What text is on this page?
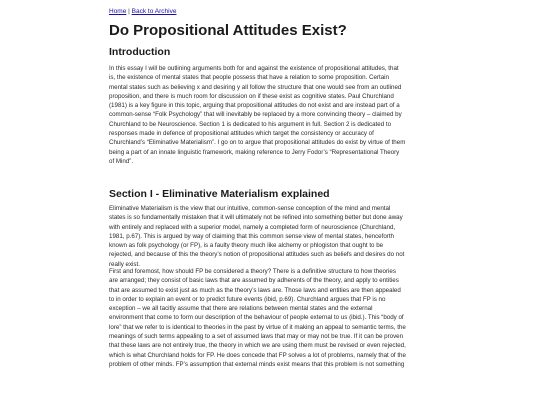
Home | Back to Archive
Do Propositional Attitudes Exist?
Introduction
In this essay I will be outlining arguments both for and against the existence of propositional attitudes, that
is, the existence of mental states that people possess that have a relation to some proposition. Certain
mental states such as believing x and desiring y all follow the structure that one would see from an outlined
proposition, and there is much room for discussion on if these exist as cognitive states. Paul Churchland
(1981) is a key figure in this topic, arguing that propositional attitudes do not exist and are instead part of a
common-sense “Folk Psychology” that will inevitably be replaced by a more convincing theory – claimed by
Churchland to be Neuroscience. Section 1 is dedicated to his argument in full. Section 2 is dedicated to
responses made in defence of propositional attitudes which target the consistency or accuracy of
Churchland’s “Eliminative Materialism”. I go on to argue that propositional attitudes do exist by virtue of them
being a part of an innate linguistic framework, making reference to Jerry Fodor’s “Representational Theory
of Mind”.
Section I - Eliminative Materialism explained
Eliminative Materialism is the view that our intuitive, common-sense conception of the mind and mental
states is so fundamentally mistaken that it will ultimately not be refined into something better but done away
with entirely and replaced with a superior model, namely a completed form of neuroscience (Churchland,
1981, p.67). This is argued by way of claiming that this common sense view of mental states, henceforth
known as folk psychology (or FP), is a faulty theory much like alchemy or phlogiston that ought to be
rejected, and because of this the theory’s notion of propositional attitudes such as beliefs and desires do not
really exist.
First and foremost, how should FP be considered a theory? There is a definitive structure to how theories
are arranged; they consist of basic laws that are assumed by adherents of the theory, and apply to entities
that are assumed to exist just as much as the theory’s laws are. Those laws and entities are then appealed
to in order to explain an event or to predict future events (ibid, p.69). Churchland argues that FP is no
exception – we all tacitly assume that there are relations between mental states and the external
environment that come to form our description of the behaviour of people external to us (ibid.). This “body of
lore” that we refer to is identical to theories in the past by virtue of it making an appeal to semantic terms, the
meanings of such terms appealing to a set of assumed laws that may or may not be true. If it can be proven
that these laws are not entirely true, the theory in which we are using them must be revised or even rejected,
which is what Churchland holds for FP. He does concede that FP solves a lot of problems, namely that of the
problem of other minds. FP’s assumption that external minds exist means that this problem is not something
